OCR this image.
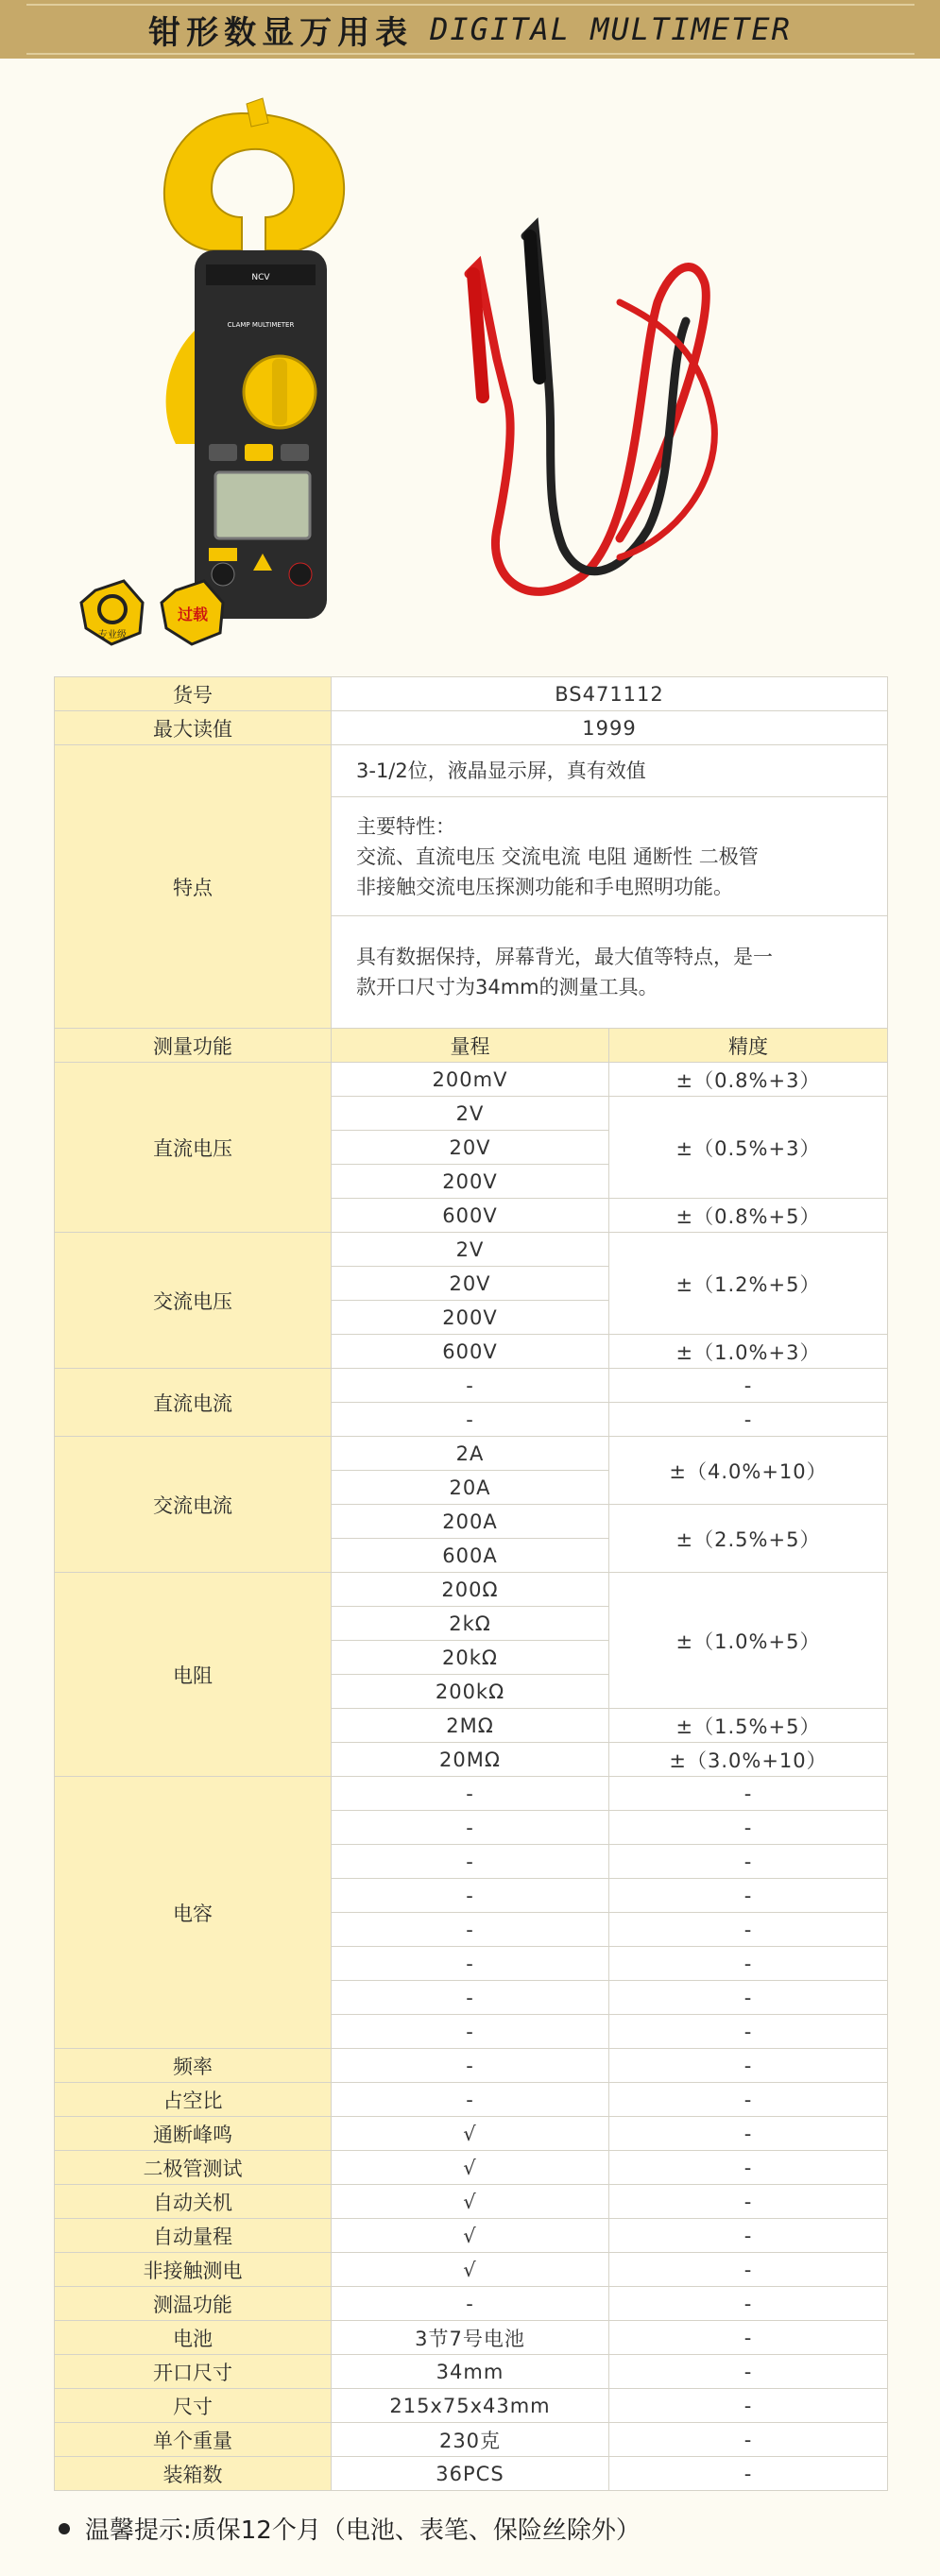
钳形数显万用表 DIGITAL MULTIMETER
NCV
CLAMP MULTIMETER
专业级
过载
货号	BS471112	
最大读值	1999	
特点	3-1/2位，液晶显示屏，真有效值	

	主要特性：
交流、直流电压 交流电流 电阻 通断性 二极管
非接触交流电压探测功能和手电照明功能。	

	具有数据保持，屏幕背光，最大值等特点，是一
款开口尺寸为34mm的测量工具。	

测量功能	量程	精度
直流电压	200mV	±（0.8%+3）
	2V	±（0.5%+3）
	20V	
	200V	
	600V	±（0.8%+5）
交流电压	2V	±（1.2%+5）
	20V	
	200V	
	600V	±（1.0%+3）
直流电流	-	-
	-	-
交流电流	2A	±（4.0%+10）
	20A	
	200A	±（2.5%+5）
	600A	
电阻	200Ω	±（1.0%+5）
	2kΩ	
	20kΩ	
	200kΩ	
	2MΩ	±（1.5%+5）
	20MΩ	±（3.0%+10）
电容	-	-
	-	-
	-	-
	-	-
	-	-
	-	-
	-	-
	-	-
频率	-	-
占空比	-	-
通断峰鸣	√	-
二极管测试	√	-
自动关机	√	-
自动量程	√	-
非接触测电	√	-
测温功能	-	-
电池	3节7号电池	-
开口尺寸	34mm	-
尺寸	215x75x43mm	-
单个重量	230克	-
装箱数	36PCS	-
温馨提示:质保12个月（电池、表笔、保险丝除外）
